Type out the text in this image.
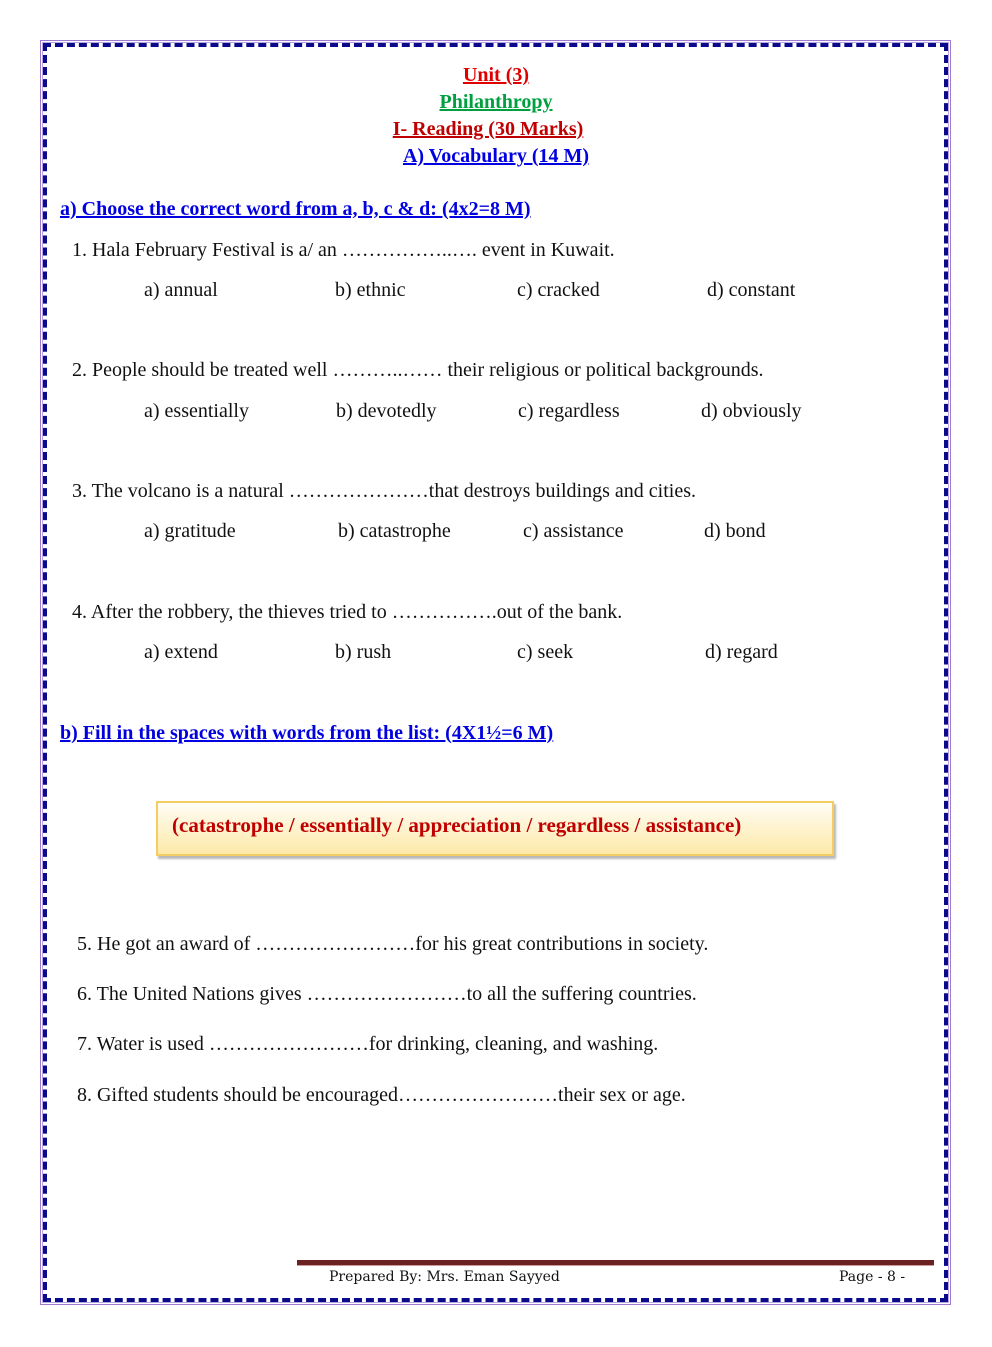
Unit (3)
Philanthropy
I- Reading (30 Marks)
A) Vocabulary (14 M)
a) Choose the correct word from a, b, c & d: (4x2=8 M)
1. Hala February Festival is a/ an ……………..…. event in Kuwait.
a) annual	b) ethnic	c) cracked	d) constant
2. People should be treated well ………..…… their religious or political backgrounds.
a) essentially	b) devotedly	c) regardless	d) obviously
3. The volcano is a natural …………………that destroys buildings and cities.
a) gratitude	b) catastrophe	c) assistance	d) bond
4. After the robbery, the thieves tried to …………….out of the bank.
a) extend	b) rush	c) seek	d) regard
b) Fill in the spaces with words from the list: (4X1½=6 M)
(catastrophe / essentially / appreciation / regardless / assistance)
5. He got an award of ……………………for his great contributions in society.
6. The United Nations gives ……………………to all the suffering countries.
7. Water is used ……………………for drinking, cleaning, and washing.
8. Gifted students should be encouraged……………………their sex or age.
Prepared By: Mrs. Eman Sayyed	Page - 8 -
